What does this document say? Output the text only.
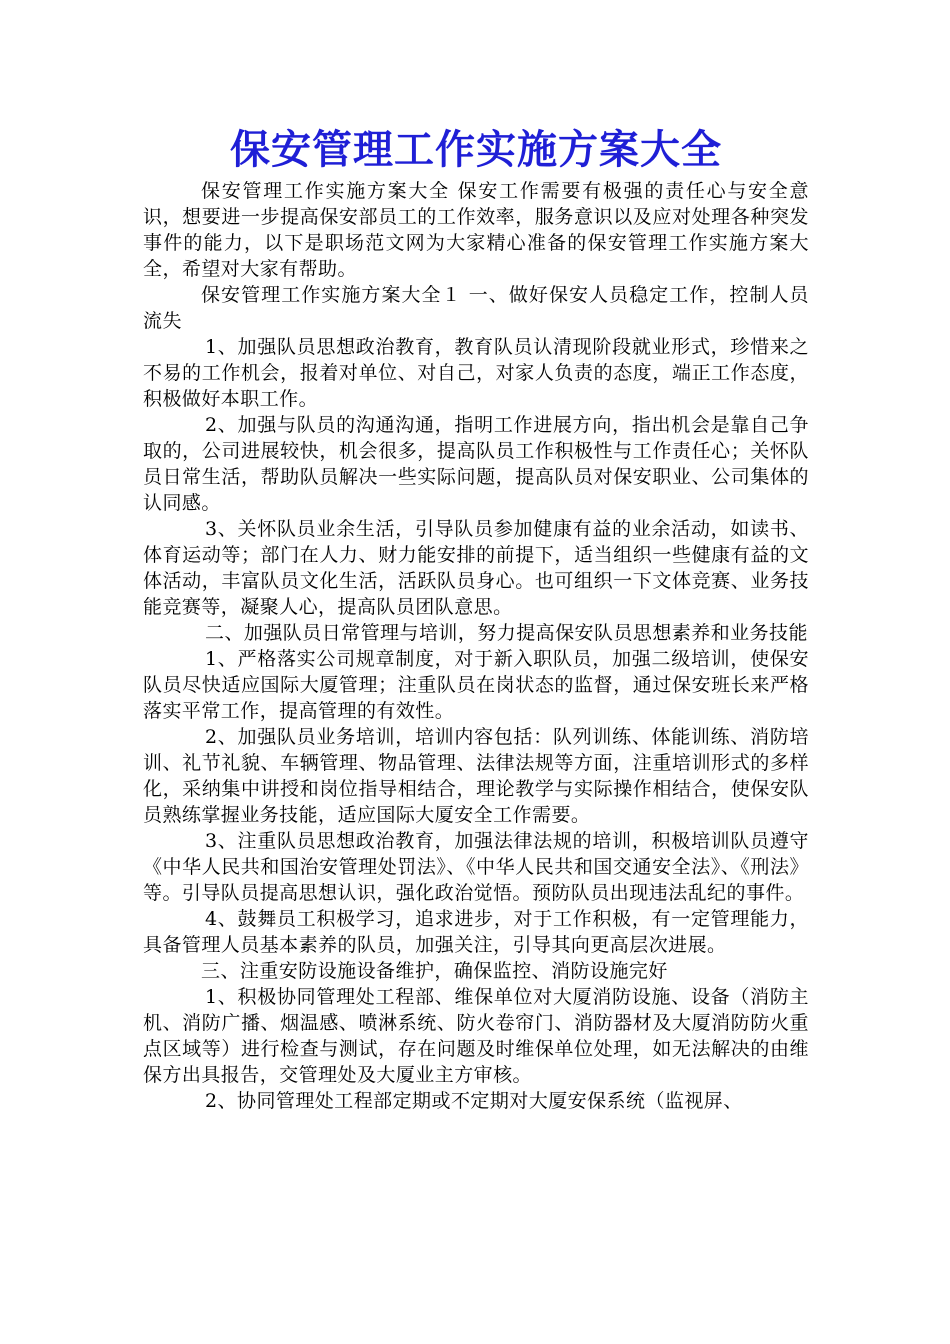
保安管理工作实施方案大全

保安管理工作实施方案大全 保安工作需要有极强的责任心与安全意识，想要进一步提高保安部员工的工作效率，服务意识以及应对处理各种突发事件的能力，以下是职场范文网为大家精心准备的保安管理工作实施方案大全，希望对大家有帮助。

保安管理工作实施方案大全１ 一、做好保安人员稳定工作，控制人员流失

1、加强队员思想政治教育，教育队员认清现阶段就业形式，珍惜来之不易的工作机会，报着对单位、对自己，对家人负责的态度，端正工作态度，积极做好本职工作。

2、加强与队员的沟通沟通，指明工作进展方向，指出机会是靠自己争取的，公司进展较快，机会很多，提高队员工作积极性与工作责任心；关怀队员日常生活，帮助队员解决一些实际问题，提高队员对保安职业、公司集体的认同感。

3、关怀队员业余生活，引导队员参加健康有益的业余活动，如读书、体育运动等；部门在人力、财力能安排的前提下，适当组织一些健康有益的文体活动，丰富队员文化生活，活跃队员身心。也可组织一下文体竞赛、业务技能竞赛等，凝聚人心，提高队员团队意思。

二、加强队员日常管理与培训，努力提高保安队员思想素养和业务技能

1、严格落实公司规章制度，对于新入职队员，加强二级培训，使保安队员尽快适应国际大厦管理；注重队员在岗状态的监督，通过保安班长来严格落实平常工作，提高管理的有效性。

2、加强队员业务培训，培训内容包括：队列训练、体能训练、消防培训、礼节礼貌、车辆管理、物品管理、法律法规等方面，注重培训形式的多样化，采纳集中讲授和岗位指导相结合，理论教学与实际操作相结合，使保安队员熟练掌握业务技能，适应国际大厦安全工作需要。

3、注重队员思想政治教育，加强法律法规的培训，积极培训队员遵守《中华人民共和国治安管理处罚法》、《中华人民共和国交通安全法》、《刑法》等。引导队员提高思想认识，强化政治觉悟。预防队员出现违法乱纪的事件。

4、鼓舞员工积极学习，追求进步，对于工作积极，有一定管理能力，具备管理人员基本素养的队员，加强关注，引导其向更高层次进展。

三、注重安防设施设备维护，确保监控、消防设施完好

1、积极协同管理处工程部、维保单位对大厦消防设施、设备（消防主机、消防广播、烟温感、喷淋系统、防火卷帘门、消防器材及大厦消防防火重点区域等）进行检查与测试，存在问题及时维保单位处理，如无法解决的由维保方出具报告，交管理处及大厦业主方审核。

2、协同管理处工程部定期或不定期对大厦安保系统（监视屏、
